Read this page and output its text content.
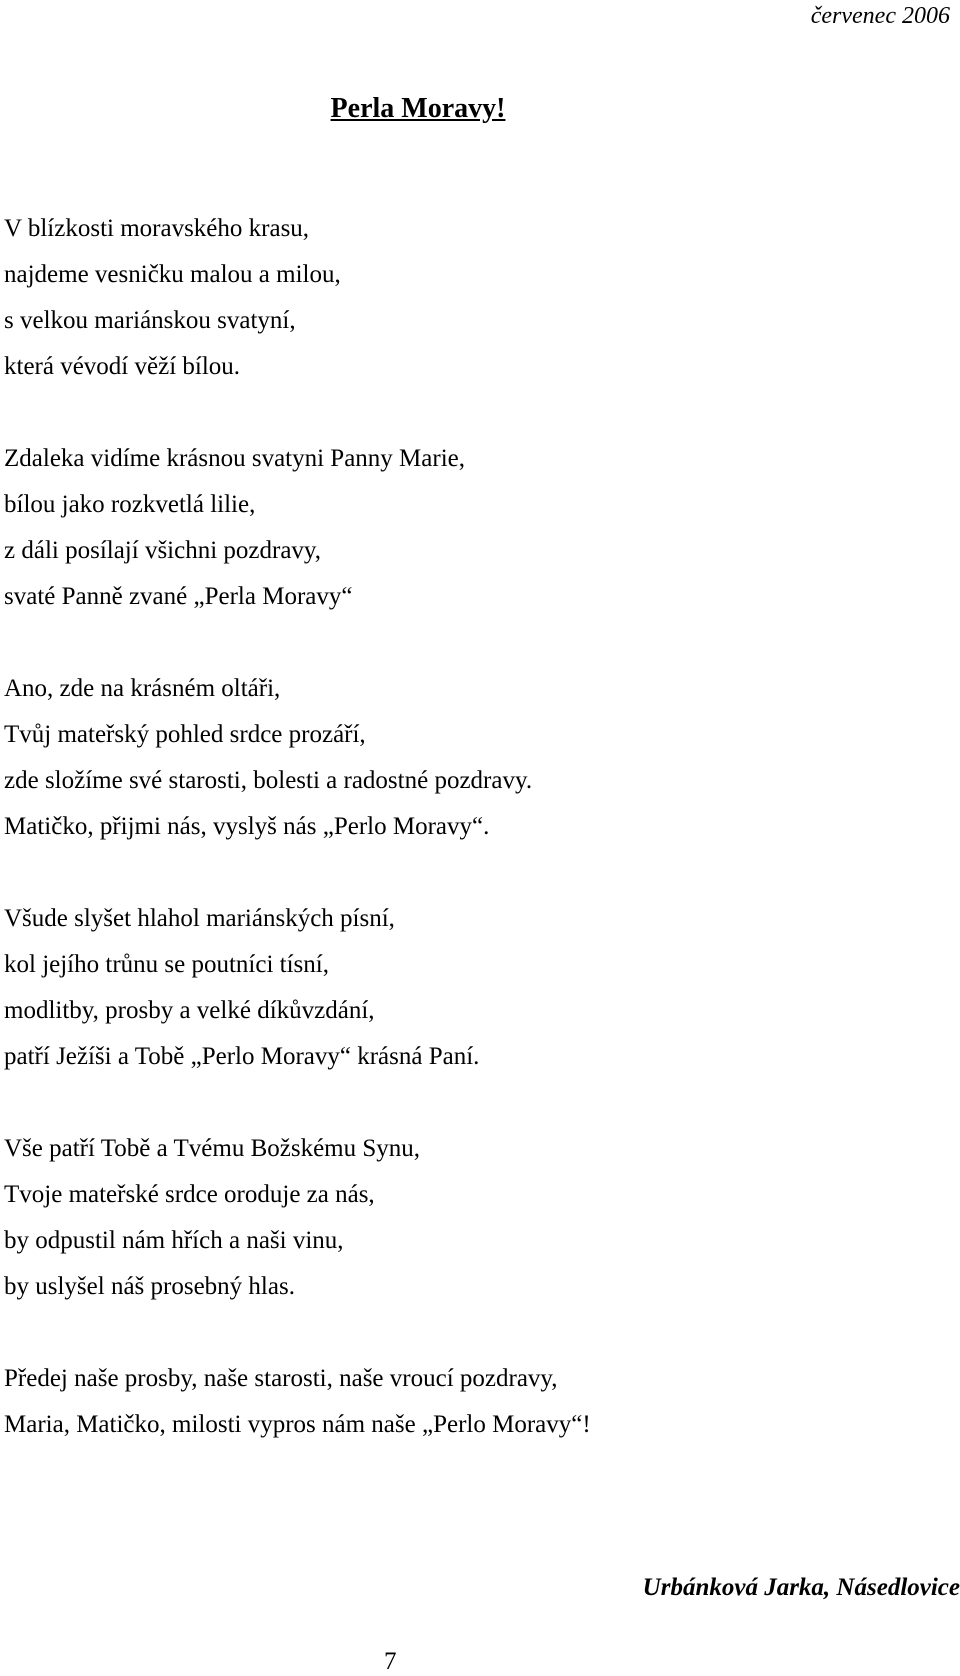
červenec 2006
Perla Moravy!
V blízkosti moravského krasu,
najdeme vesničku malou a milou,
s velkou mariánskou svatyní,
která vévodí věží bílou.
Zdaleka vidíme krásnou svatyni Panny Marie,
bílou jako rozkvetlá lilie,
z dáli posílají všichni pozdravy,
svaté Panně zvané „Perla Moravy“
Ano, zde na krásném oltáři,
Tvůj mateřský pohled srdce prozáří,
zde složíme své starosti, bolesti a radostné pozdravy.
Matičko, přijmi nás, vyslyš nás „Perlo Moravy“.
Všude slyšet hlahol mariánských písní,
kol jejího trůnu se poutníci tísní,
modlitby, prosby a velké díkůvzdání,
patří Ježíši a Tobě „Perlo Moravy“ krásná Paní.
Vše patří Tobě a Tvému Božskému Synu,
Tvoje mateřské srdce oroduje za nás,
by odpustil nám hřích a naši vinu,
by uslyšel náš prosebný hlas.
Předej naše prosby, naše starosti, naše vroucí pozdravy,
Maria, Matičko, milosti vypros nám naše „Perlo Moravy“!
Urbánková Jarka, Násedlovice
7
